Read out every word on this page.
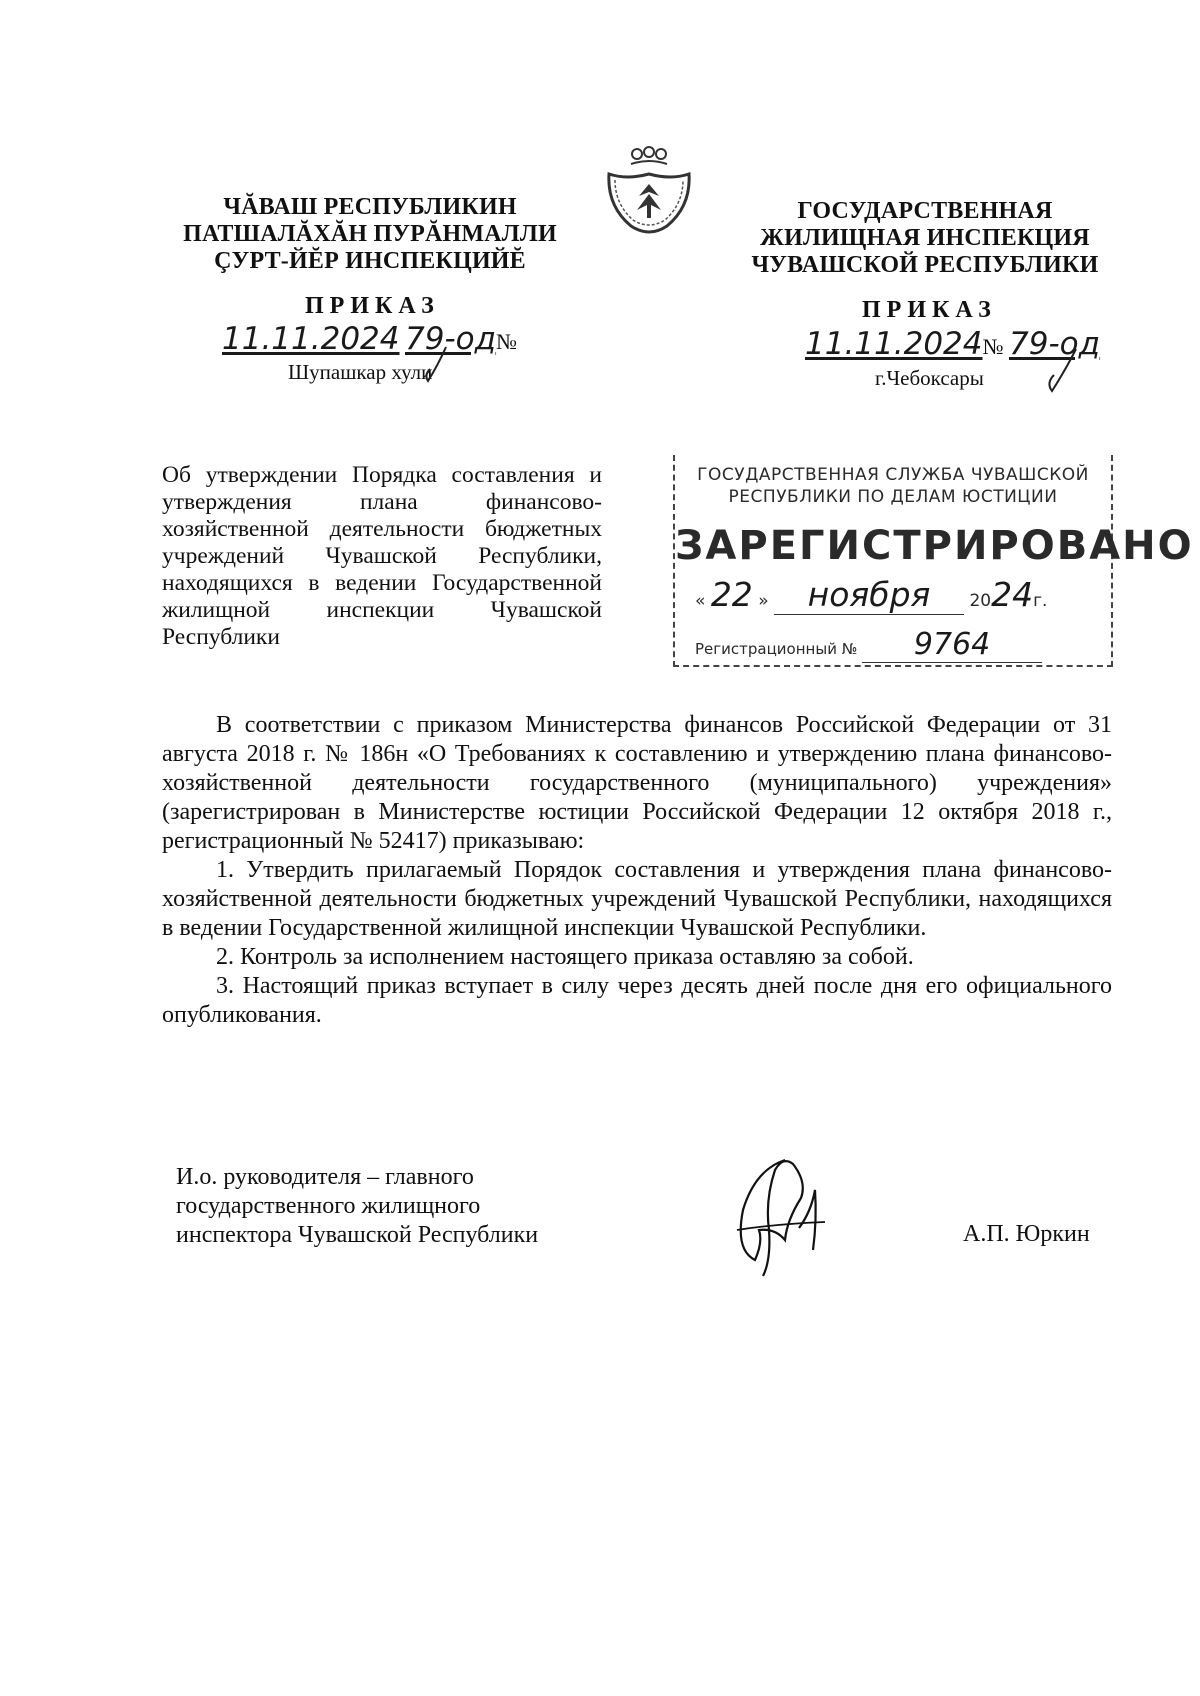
ЧĂВАШ РЕСПУБЛИКИН
ПАТШАЛĂХĂН ПУРĂНМАЛЛИ
ÇУРТ-ЙĔР ИНСПЕКЦИЙĔ
ГОСУДАРСТВЕННАЯ
ЖИЛИЩНАЯ ИНСПЕКЦИЯ
ЧУВАШСКОЙ РЕСПУБЛИКИ
ПРИКАЗ
11.11.2024 79-од№
Шупашкар хули
ПРИКАЗ
11.11.2024№ 79-од
г.Чебоксары
Об утверждении Порядка составления и утверждения плана финансово-хозяйственной деятельности бюджетных учреждений Чувашской Республики, находящихся в ведении Государственной жилищной инспекции Чувашской Республики
ГОСУДАРСТВЕННАЯ СЛУЖБА ЧУВАШСКОЙ
РЕСПУБЛИКИ ПО ДЕЛАМ ЮСТИЦИИ
ЗАРЕГИСТРИРОВАНО
« 22 » ноября 2024г.
Регистрационный № 9764

В соответствии с приказом Министерства финансов Российской Федерации от 31 августа 2018 г. № 186н «О Требованиях к составлению и утверждению плана финансово-хозяйственной деятельности государственного (муниципального) учреждения» (зарегистрирован в Министерстве юстиции Российской Федерации 12 октября 2018 г., регистрационный № 52417) приказываю:

1. Утвердить прилагаемый Порядок составления и утверждения плана финансово-хозяйственной деятельности бюджетных учреждений Чувашской Республики, находящихся в ведении Государственной жилищной инспекции Чувашской Республики.

2. Контроль за исполнением настоящего приказа оставляю за собой.

3. Настоящий приказ вступает в силу через десять дней после дня его официального опубликования.

И.о. руководителя – главного
государственного жилищного
инспектора Чувашской Республики	А.П. Юркин
